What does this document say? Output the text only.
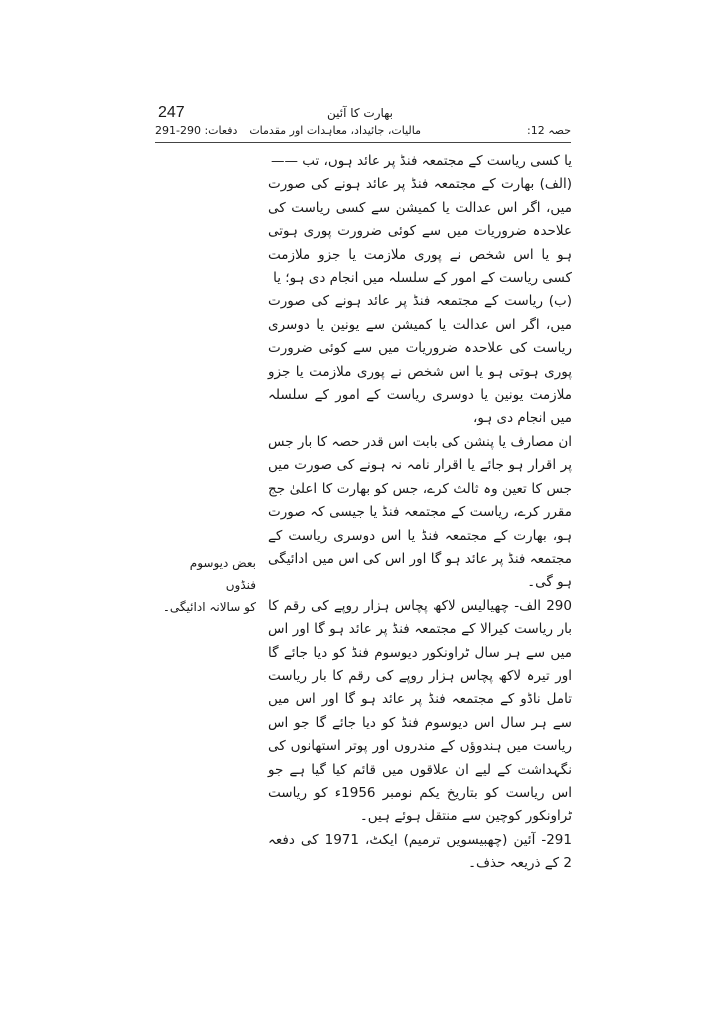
247	بھارت کا آئین
حصہ 12:
مالیات، جائیداد، معاہدات اور مقدمات
دفعات: 290-291

یا کسی ریاست کے مجتمعہ فنڈ پر عائد ہوں، تب ——

(الف) بھارت کے مجتمعہ فنڈ پر عائد ہونے کی صورت میں، اگر اس عدالت یا کمیشن سے کسی ریاست کی علاحدہ ضروریات میں سے کوئی ضرورت پوری ہوتی ہو یا اس شخص نے پوری ملازمت یا جزو ملازمت کسی ریاست کے امور کے سلسلہ میں انجام دی ہو؛ یا

(ب) ریاست کے مجتمعہ فنڈ پر عائد ہونے کی صورت میں، اگر اس عدالت یا کمیشن سے یونین یا دوسری ریاست کی علاحدہ ضروریات میں سے کوئی ضرورت پوری ہوتی ہو یا اس شخص نے پوری ملازمت یا جزو ملازمت یونین یا دوسری ریاست کے امور کے سلسلہ میں انجام دی ہو،

ان مصارف یا پنشن کی بابت اس قدر حصہ کا بار جس پر اقرار ہو جائے یا اقرار نامہ نہ ہونے کی صورت میں جس کا تعین وہ ثالث کرے، جس کو بھارت کا اعلیٰ جج مقرر کرے، ریاست کے مجتمعہ فنڈ یا جیسی کہ صورت ہو، بھارت کے مجتمعہ فنڈ یا اس دوسری ریاست کے مجتمعہ فنڈ پر عائد ہو گا اور اس کی اس میں ادائیگی ہو گی۔

290 الف- چھیالیس لاکھ پچاس ہزار روپے کی رقم کا بار ریاست کیرالا کے مجتمعہ فنڈ پر عائد ہو گا اور اس میں سے ہر سال ٹراونکور دیوسوم فنڈ کو دیا جائے گا اور تیرہ لاکھ پچاس ہزار روپے کی رقم کا بار ریاست تامل ناڈو کے مجتمعہ فنڈ پر عائد ہو گا اور اس میں سے ہر سال اس دیوسوم فنڈ کو دیا جائے گا جو اس ریاست میں ہندوؤں کے مندروں اور پوتر استھانوں کی نگہداشت کے لیے ان علاقوں میں قائم کیا گیا ہے جو اس ریاست کو بتاریخ یکم نومبر 1956ء کو ریاست ٹراونکور کوچین سے منتقل ہوئے ہیں۔

291- آئین (چھبیسویں ترمیم) ایکٹ، 1971 کی دفعہ 2 کے ذریعہ حذف۔

بعض دیوسوم فنڈوں
کو سالانہ ادائیگی۔
